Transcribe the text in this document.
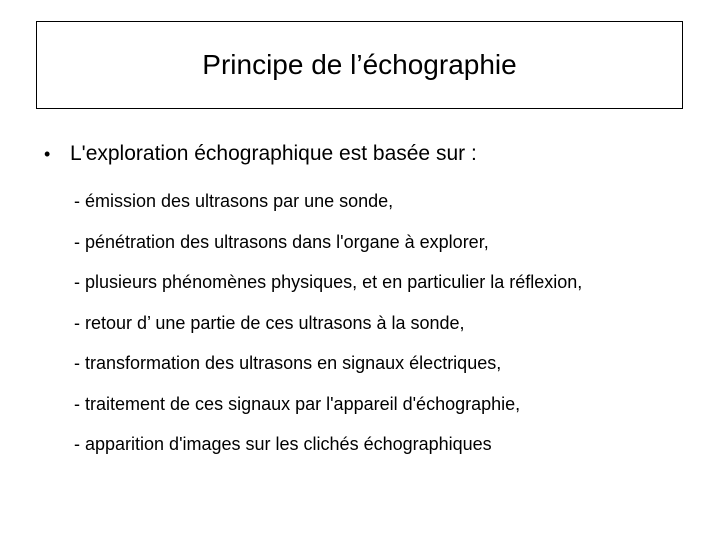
Principe de l’échographie
• L'exploration échographique est basée sur :
- émission des ultrasons par une sonde,
- pénétration des ultrasons dans l'organe à explorer,
- plusieurs phénomènes physiques, et en particulier la réflexion,
- retour d’ une partie de ces ultrasons à la sonde,
- transformation des ultrasons en signaux électriques,
- traitement de ces signaux par l'appareil d'échographie,
- apparition d'images sur les clichés échographiques
